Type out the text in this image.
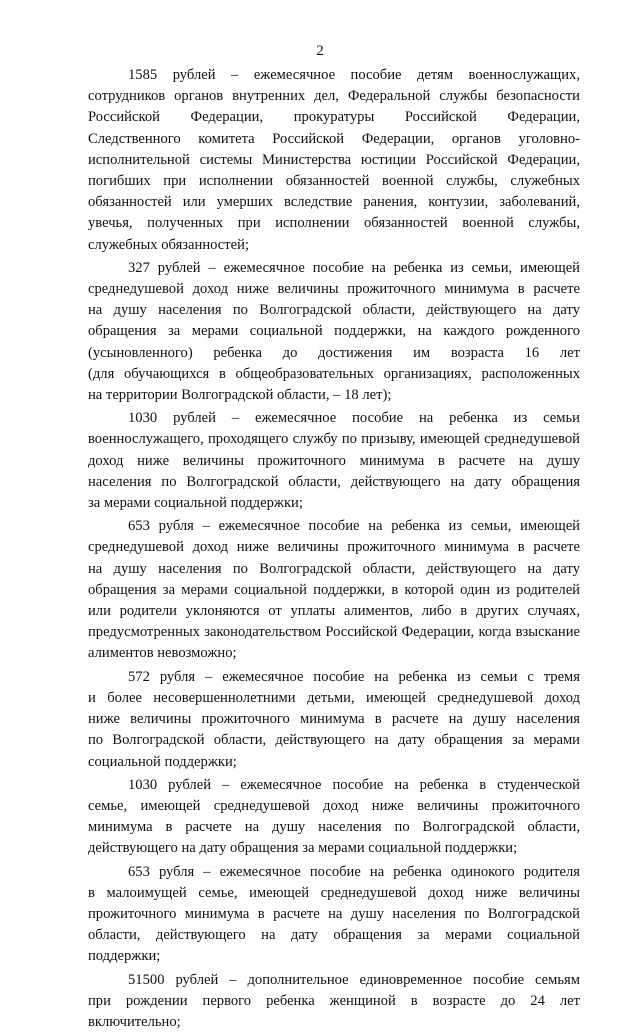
2

1585 рублей – ежемесячное пособие детям военнослужащих,
сотрудников органов внутренних дел, Федеральной службы безопасности
Российской Федерации, прокуратуры Российской Федерации,
Следственного комитета Российской Федерации, органов уголовно-
исполнительной системы Министерства юстиции Российской Федерации,
погибших при исполнении обязанностей военной службы, служебных
обязанностей или умерших вследствие ранения, контузии, заболеваний,
увечья, полученных при исполнении обязанностей военной службы,
служебных обязанностей;

327 рублей – ежемесячное пособие на ребенка из семьи, имеющей
среднедушевой доход ниже величины прожиточного минимума в расчете
на душу населения по Волгоградской области, действующего на дату
обращения за мерами социальной поддержки, на каждого рожденного
(усыновленного) ребенка до достижения им возраста 16 лет
(для обучающихся в общеобразовательных организациях, расположенных
на территории Волгоградской области, – 18 лет);

1030 рублей – ежемесячное пособие на ребенка из семьи
военнослужащего, проходящего службу по призыву, имеющей среднедушевой
доход ниже величины прожиточного минимума в расчете на душу
населения по Волгоградской области, действующего на дату обращения
за мерами социальной поддержки;

653 рубля – ежемесячное пособие на ребенка из семьи, имеющей
среднедушевой доход ниже величины прожиточного минимума в расчете
на душу населения по Волгоградской области, действующего на дату
обращения за мерами социальной поддержки, в которой один из родителей
или родители уклоняются от уплаты алиментов, либо в других случаях,
предусмотренных законодательством Российской Федерации, когда взыскание
алиментов невозможно;

572 рубля – ежемесячное пособие на ребенка из семьи с тремя
и более несовершеннолетними детьми, имеющей среднедушевой доход
ниже величины прожиточного минимума в расчете на душу населения
по Волгоградской области, действующего на дату обращения за мерами
социальной поддержки;

1030 рублей – ежемесячное пособие на ребенка в студенческой
семье, имеющей среднедушевой доход ниже величины прожиточного
минимума в расчете на душу населения по Волгоградской области,
действующего на дату обращения за мерами социальной поддержки;

653 рубля – ежемесячное пособие на ребенка одинокого родителя
в малоимущей семье, имеющей среднедушевой доход ниже величины
прожиточного минимума в расчете на душу населения по Волгоградской
области, действующего на дату обращения за мерами социальной
поддержки;

51500 рублей – дополнительное единовременное пособие семьям
при рождении первого ребенка женщиной в возрасте до 24 лет
включительно;
